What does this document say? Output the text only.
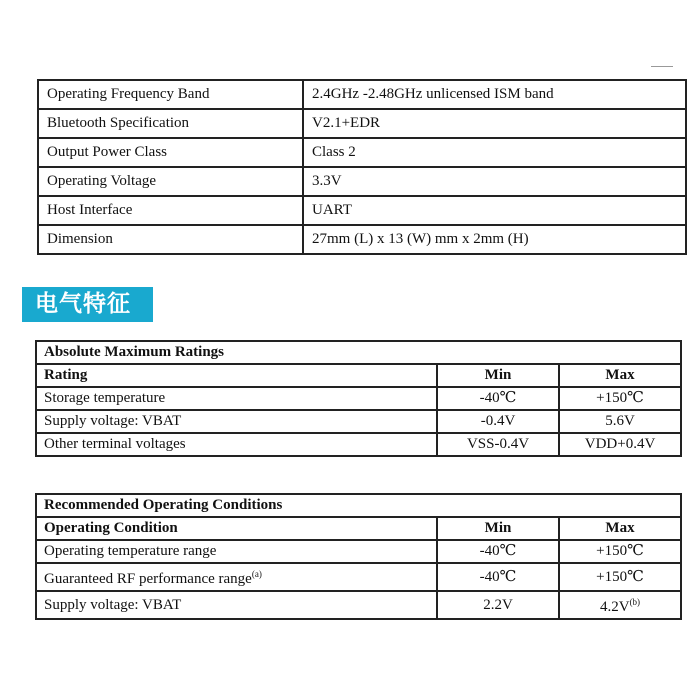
Operating Frequency Band	2.4GHz -2.48GHz unlicensed ISM band
Bluetooth Specification	V2.1+EDR
Output Power Class	Class 2
Operating Voltage	3.3V
Host Interface	UART
Dimension	27mm (L) x 13 (W) mm x 2mm (H)
电气特征
Absolute Maximum Ratings		
Rating	Min	Max
Storage temperature	-40℃	+150℃
Supply voltage: VBAT	-0.4V	5.6V
Other terminal voltages	VSS-0.4V	VDD+0.4V
Recommended Operating Conditions		
Operating Condition	Min	Max
Operating temperature range	-40℃	+150℃
Guaranteed RF performance range$^{(a)}$	-40℃	+150℃
Supply voltage: VBAT	2.2V	$4.2V^{(b)}$
